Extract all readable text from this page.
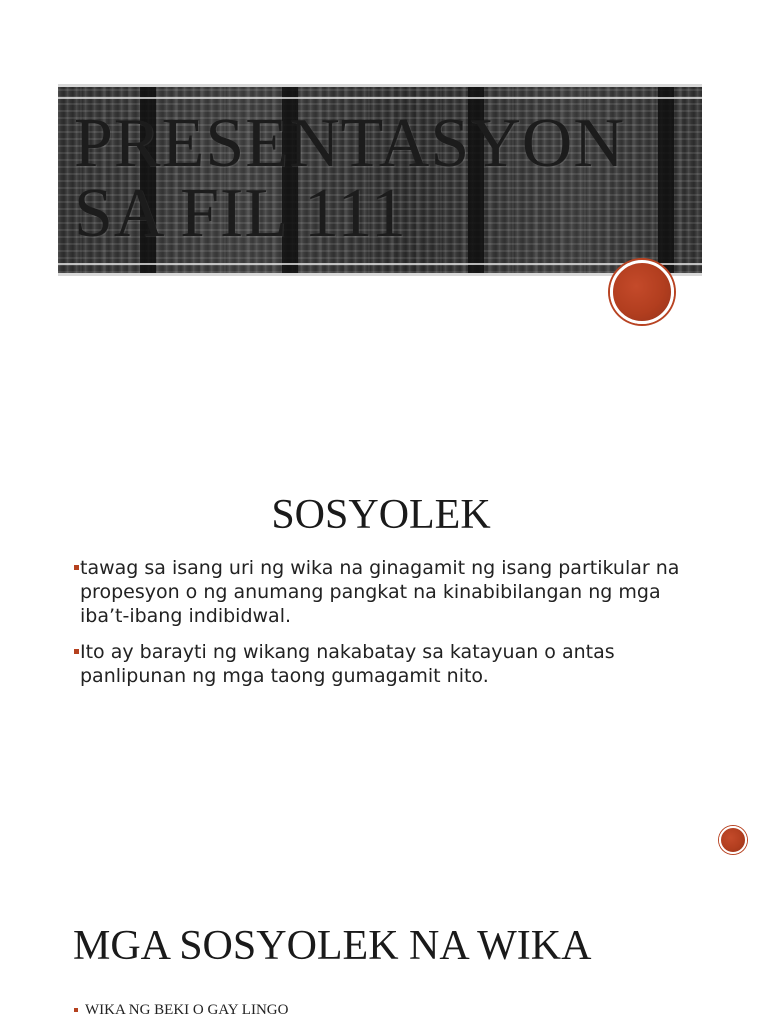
PRESENTASYON
SA FIL 111
SOSYOLEK
tawag sa isang uri ng wika na ginagamit ng isang partikular na propesyon o ng anumang pangkat na kinabibilangan ng mga iba’t-ibang indibidwal.
Ito ay barayti ng wikang nakabatay sa katayuan o antas panlipunan ng mga taong gumagamit nito.
MGA SOSYOLEK NA WIKA

WIKA NG BEKI O GAY LINGO
